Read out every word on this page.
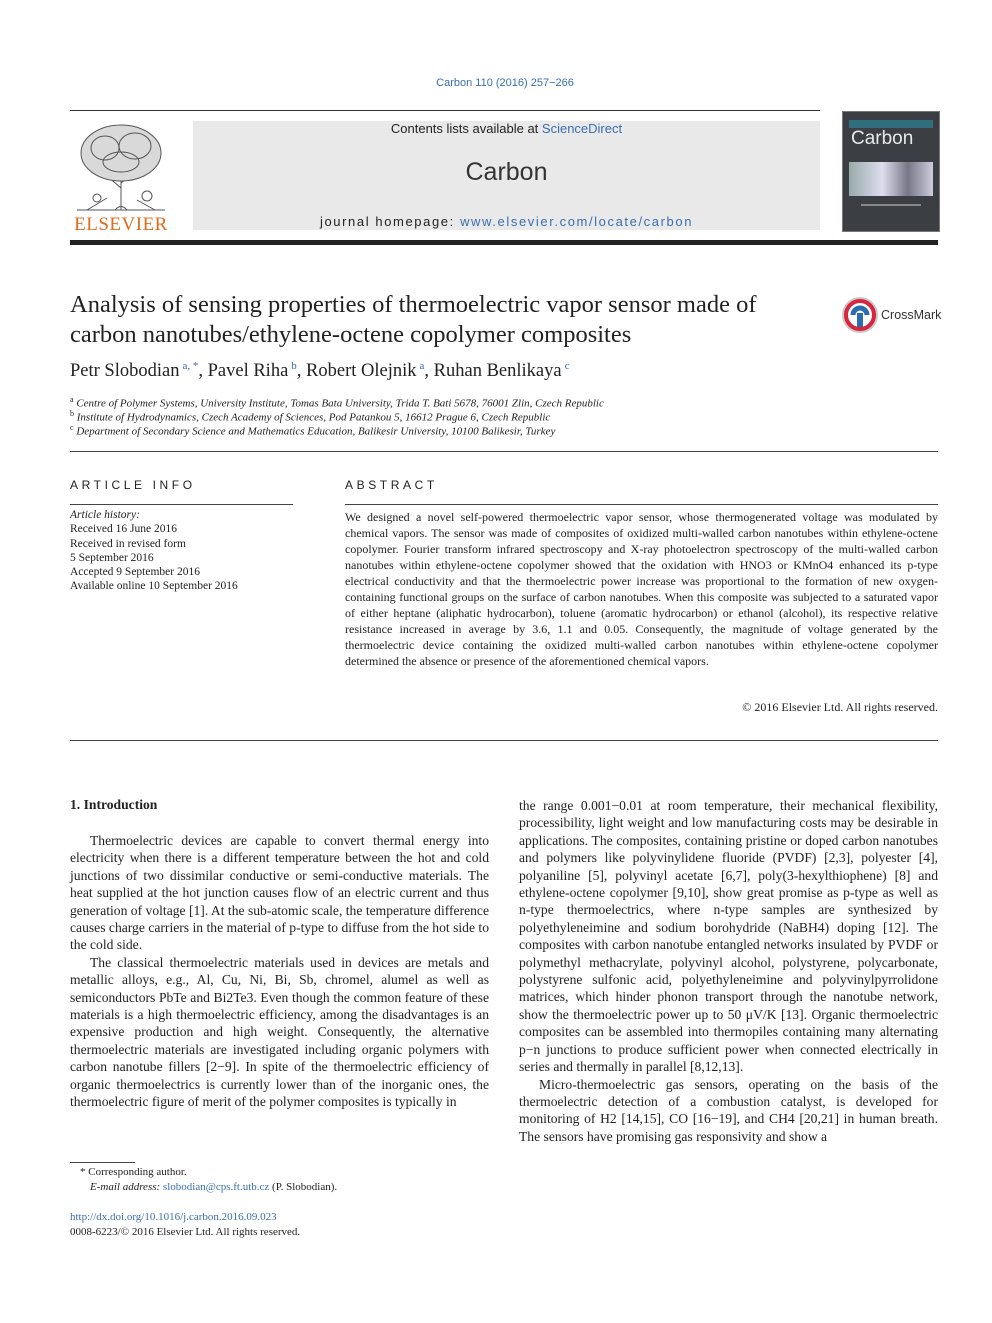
Carbon 110 (2016) 257−266
ELSEVIER
Contents lists available at ScienceDirect
Carbon
journal homepage: www.elsevier.com/locate/carbon
Carbon
Analysis of sensing properties of thermoelectric vapor sensor made of
carbon nanotubes/ethylene-octene copolymer composites
CrossMark
Petr Slobodian $^{a, *}$, Pavel Riha $^b$, Robert Olejnik $^a$, Ruhan Benlikaya $^c$
$^a$ Centre of Polymer Systems, University Institute, Tomas Bata University, Trida T. Bati 5678, 76001 Zlin, Czech Republic
$^b$ Institute of Hydrodynamics, Czech Academy of Sciences, Pod Patankou 5, 16612 Prague 6, Czech Republic
$^c$ Department of Secondary Science and Mathematics Education, Balikesir University, 10100 Balikesir, Turkey
ARTICLE INFO	ABSTRACT
Article history:
Received 16 June 2016
Received in revised form
5 September 2016
Accepted 9 September 2016
Available online 10 September 2016
We designed a novel self-powered thermoelectric vapor sensor, whose thermogenerated voltage was modulated by chemical vapors. The sensor was made of composites of oxidized multi-walled carbon nanotubes within ethylene-octene copolymer. Fourier transform infrared spectroscopy and X-ray photoelectron spectroscopy of the multi-walled carbon nanotubes within ethylene-octene copolymer showed that the oxidation with HNO3 or KMnO4 enhanced its p-type electrical conductivity and that the thermoelectric power increase was proportional to the formation of new oxygen-containing functional groups on the surface of carbon nanotubes. When this composite was subjected to a saturated vapor of either heptane (aliphatic hydrocarbon), toluene (aromatic hydrocarbon) or ethanol (alcohol), its respective relative resistance increased in average by 3.6, 1.1 and 0.05. Consequently, the magnitude of voltage generated by the thermoelectric device containing the oxidized multi-walled carbon nanotubes within ethylene-octene copolymer determined the absence or presence of the aforementioned chemical vapors.
© 2016 Elsevier Ltd. All rights reserved.
1. Introduction

Thermoelectric devices are capable to convert thermal energy into electricity when there is a different temperature between the hot and cold junctions of two dissimilar conductive or semi-conductive materials. The heat supplied at the hot junction causes flow of an electric current and thus generation of voltage [1]. At the sub-atomic scale, the temperature difference causes charge carriers in the material of p-type to diffuse from the hot side to the cold side.

The classical thermoelectric materials used in devices are metals and metallic alloys, e.g., Al, Cu, Ni, Bi, Sb, chromel, alumel as well as semiconductors PbTe and Bi2Te3. Even though the common feature of these materials is a high thermoelectric efficiency, among the disadvantages is an expensive production and high weight. Consequently, the alternative thermoelectric materials are investigated including organic polymers with carbon nanotube fillers [2−9]. In spite of the thermoelectric efficiency of organic thermoelectrics is currently lower than of the inorganic ones, the thermoelectric figure of merit of the polymer composites is typically in

the range 0.001−0.01 at room temperature, their mechanical flexibility, processibility, light weight and low manufacturing costs may be desirable in applications. The composites, containing pristine or doped carbon nanotubes and polymers like polyvinylidene fluoride (PVDF) [2,3], polyester [4], polyaniline [5], polyvinyl acetate [6,7], poly(3-hexylthiophene) [8] and ethylene-octene copolymer [9,10], show great promise as p-type as well as n-type thermoelectrics, where n-type samples are synthesized by polyethyleneimine and sodium borohydride (NaBH4) doping [12]. The composites with carbon nanotube entangled networks insulated by PVDF or polymethyl methacrylate, polyvinyl alcohol, polystyrene, polycarbonate, polystyrene sulfonic acid, polyethyleneimine and polyvinylpyrrolidone matrices, which hinder phonon transport through the nanotube network, show the thermoelectric power up to 50 μV/K [13]. Organic thermoelectric composites can be assembled into thermopiles containing many alternating p−n junctions to produce sufficient power when connected electrically in series and thermally in parallel [8,12,13].

Micro-thermoelectric gas sensors, operating on the basis of the thermoelectric detection of a combustion catalyst, is developed for monitoring of H2 [14,15], CO [16−19], and CH4 [20,21] in human breath. The sensors have promising gas responsivity and show a

* Corresponding author.
E-mail address: slobodian@cps.ft.utb.cz (P. Slobodian).
http://dx.doi.org/10.1016/j.carbon.2016.09.023
0008-6223/© 2016 Elsevier Ltd. All rights reserved.
